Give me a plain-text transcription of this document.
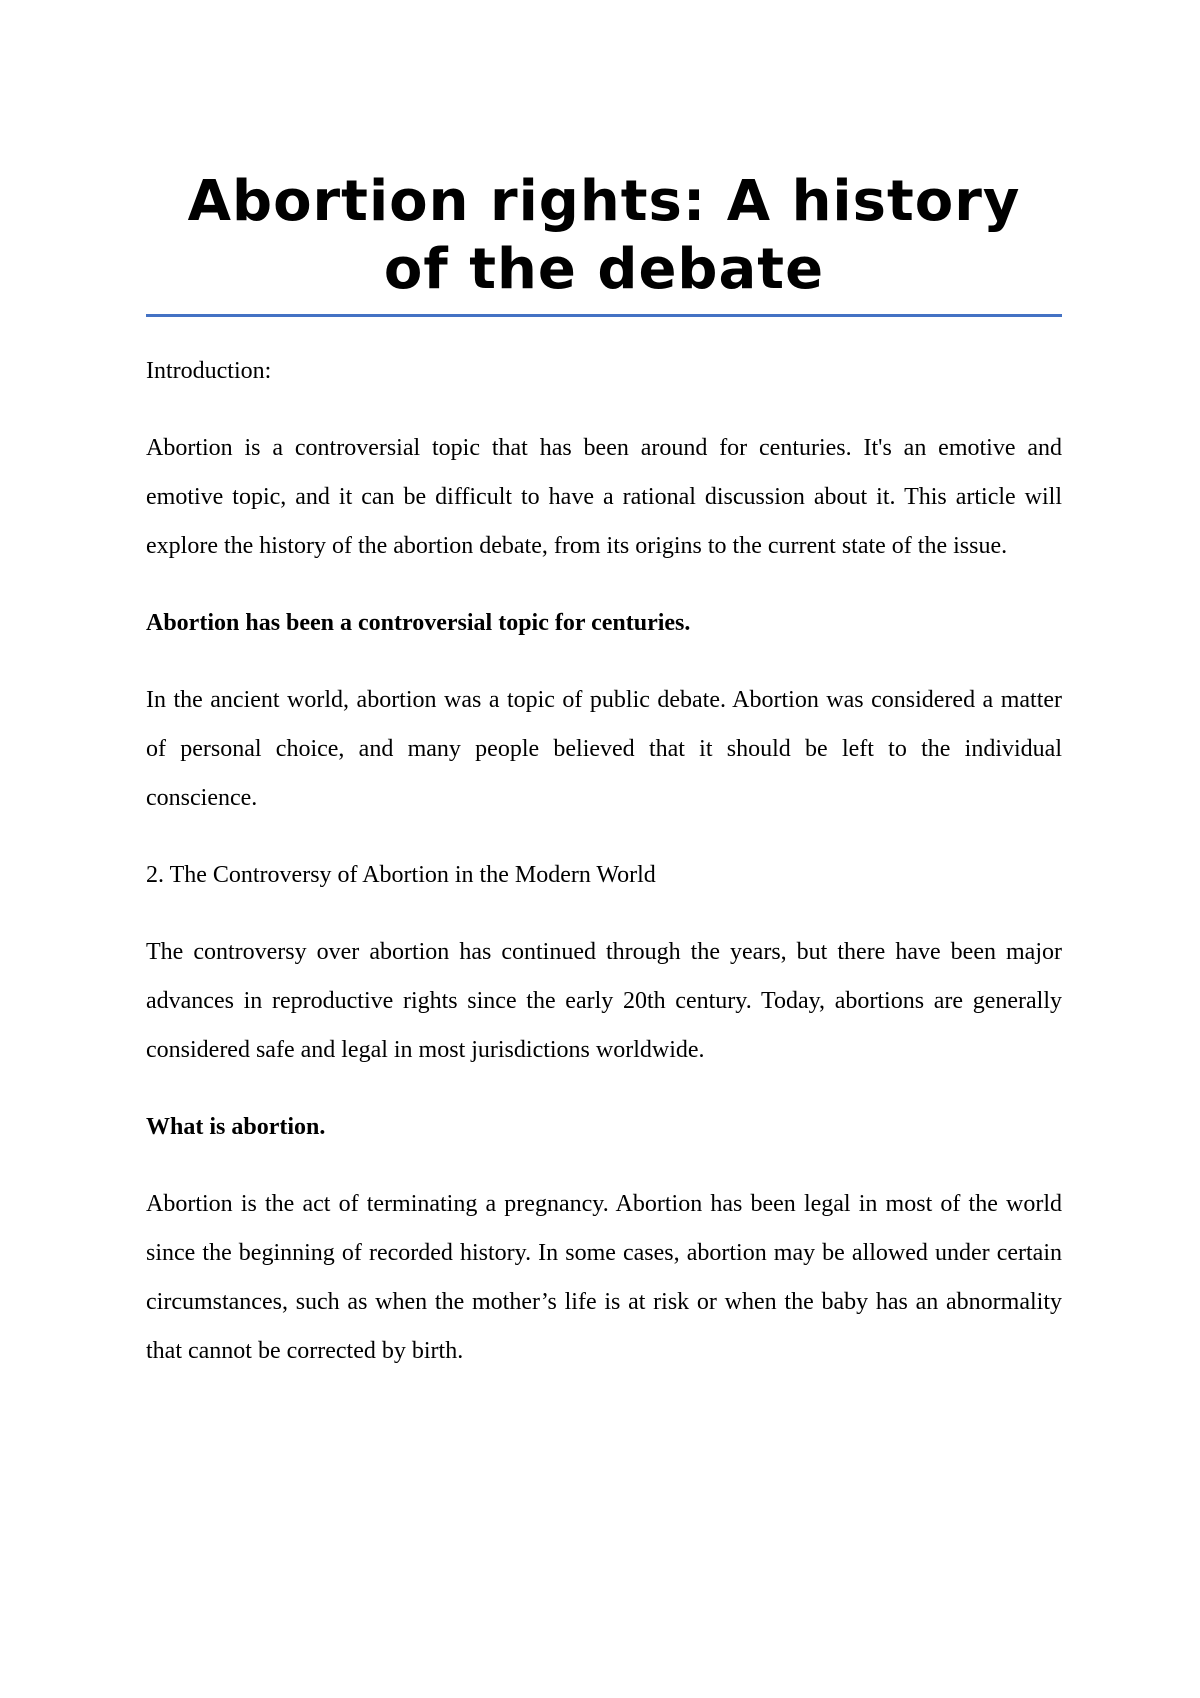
Abortion rights: A history of the debate

Introduction:

Abortion is a controversial topic that has been around for centuries. It's an emotive and emotive topic, and it can be difficult to have a rational discussion about it. This article will explore the history of the abortion debate, from its origins to the current state of the issue.

Abortion has been a controversial topic for centuries.

In the ancient world, abortion was a topic of public debate. Abortion was considered a matter of personal choice, and many people believed that it should be left to the individual conscience.

2. The Controversy of Abortion in the Modern World

The controversy over abortion has continued through the years, but there have been major advances in reproductive rights since the early 20th century. Today, abortions are generally considered safe and legal in most jurisdictions worldwide.

What is abortion.

Abortion is the act of terminating a pregnancy. Abortion has been legal in most of the world since the beginning of recorded history. In some cases, abortion may be allowed under certain circumstances, such as when the mother’s life is at risk or when the baby has an abnormality that cannot be corrected by birth.
